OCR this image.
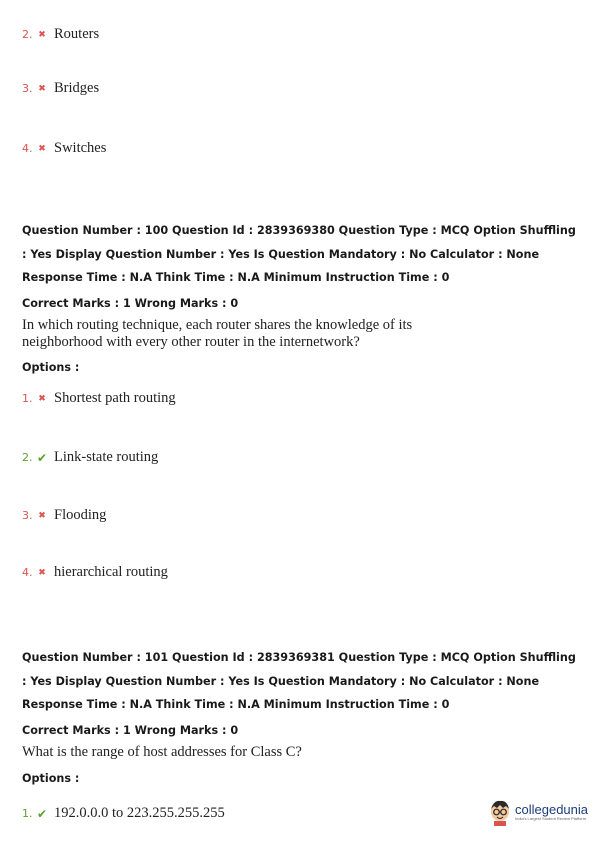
2. ✖ Routers
3. ✖ Bridges
4. ✖ Switches
Question Number : 100 Question Id : 2839369380 Question Type : MCQ Option Shuffling : Yes Display Question Number : Yes Is Question Mandatory : No Calculator : None Response Time : N.A Think Time : N.A Minimum Instruction Time : 0
Correct Marks : 1 Wrong Marks : 0
In which routing technique, each router shares the knowledge of its
neighborhood with every other router in the internetwork?
Options :
1. ✖ Shortest path routing
2. ✔ Link-state routing
3. ✖ Flooding
4. ✖ hierarchical routing
Question Number : 101 Question Id : 2839369381 Question Type : MCQ Option Shuffling : Yes Display Question Number : Yes Is Question Mandatory : No Calculator : None Response Time : N.A Think Time : N.A Minimum Instruction Time : 0
Correct Marks : 1 Wrong Marks : 0
What is the range of host addresses for Class C?
Options :
1. ✔ 192.0.0.0 to 223.255.255.255	collegedunia
India's Largest Student Review Platform
